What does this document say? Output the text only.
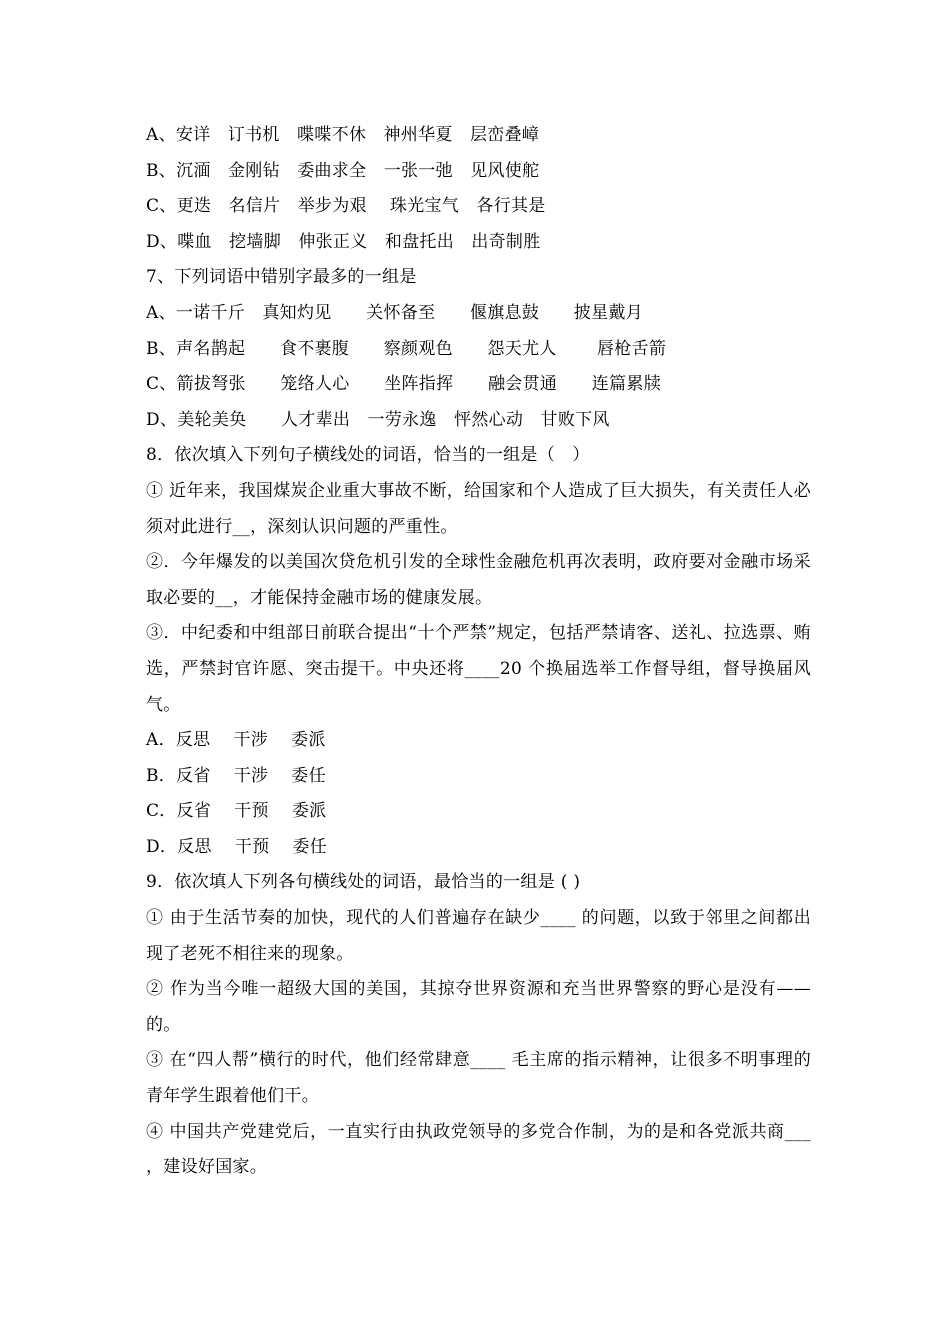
A、安详　订书机　喋喋不休　神州华夏　层峦叠嶂
B、沉湎　金刚钻　委曲求全　一张一弛　见风使舵
C、更迭　名信片　举步为艰　 珠光宝气　各行其是
D、喋血　挖墙脚　伸张正义　和盘托出　出奇制胜
7、下列词语中错别字最多的一组是
A、一诺千斤　真知灼见　　关怀备至　　偃旗息鼓　　披星戴月
B、声名鹊起　　食不裹腹　　察颜观色　　怨天尤人　　 唇枪舌箭
C、箭拔弩张　　笼络人心　　坐阵指挥　　融会贯通　　连篇累牍
D、美轮美奂　　人才辈出　一劳永逸　怦然心动　甘败下风
8．依次填入下列句子横线处的词语，恰当的一组是（　）
① 近年来，我国煤炭企业重大事故不断，给国家和个人造成了巨大损失，有关责任人必须对此进行__，深刻认识问题的严重性。
②．今年爆发的以美国次贷危机引发的全球性金融危机再次表明，政府要对金融市场采取必要的__，才能保持金融市场的健康发展。
③．中纪委和中组部日前联合提出“十个严禁”规定，包括严禁请客、送礼、拉选票、贿选，严禁封官许愿、突击提干。中央还将____20 个换届选举工作督导组，督导换届风气。
A．反思　 干涉　 委派
B．反省　 干涉　 委任
C．反省　 干预　 委派
D．反思　 干预　 委任
9．依次填人下列各句横线处的词语，最恰当的一组是 ( )
① 由于生活节奏的加快，现代的人们普遍存在缺少____ 的问题，以致于邻里之间都出现了老死不相往来的现象。
② 作为当今唯一超级大国的美国，其掠夺世界资源和充当世界警察的野心是没有——的。
③ 在“四人帮”横行的时代，他们经常肆意____ 毛主席的指示精神，让很多不明事理的青年学生跟着他们干。
④ 中国共产党建党后，一直实行由执政党领导的多党合作制，为的是和各党派共商___ ，建设好国家。
